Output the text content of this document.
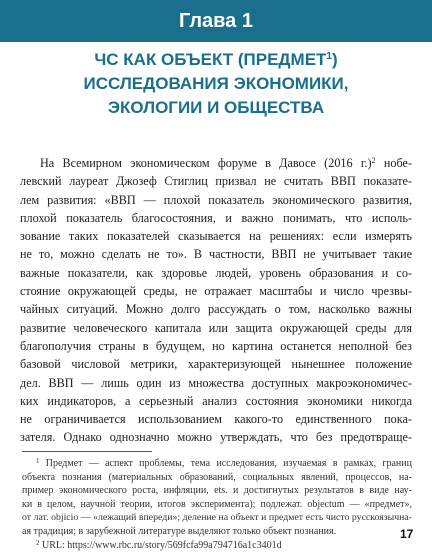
Глава 1
ЧС КАК ОБЪЕКТ (ПРЕДМЕТ$^1$)
ИССЛЕДОВАНИЯ ЭКОНОМИКИ,
ЭКОЛОГИИ И ОБЩЕСТВА
На Всемирном экономическом форуме в Давосе (2016 г.)$^2$ нобе-
левский лауреат Джозеф Стиглиц призвал не считать ВВП показате-
лем развития: «ВВП — плохой показатель экономического развития,
плохой показатель благосостояния, и важно понимать, что исполь-
зование таких показателей сказывается на решениях: если измерять
не то, можно сделать не то». В частности, ВВП не учитывает такие
важные показатели, как здоровье людей, уровень образования и со-
стояние окружающей среды, не отражает масштабы и число чрезвы-
чайных ситуаций. Можно долго рассуждать о том, насколько важны
развитие человеческого капитала или защита окружающей среды для
благополучия страны в будущем, но картина останется неполной без
базовой числовой метрики, характеризующей нынешнее положение
дел. ВВП — лишь один из множества доступных макроэкономичес-
ких индикаторов, а серьезный анализ состояния экономики никогда
не ограничивается использованием какого-то единственного пока-
зателя. Однако однозначно можно утверждать, что без предотвраще-
$^1$ Предмет — аспект проблемы, тема исследования, изучаемая в рамках, границ
объекта познания (материальных образований, социальных явлений, процессов, на-
пример экономического роста, инфляции, ets. и достигнутых результатов в виде нау-
ки в целом, научной теории, итогов эксперимента); подлежат. objectum — «предмет»,
от лат. objicio — «лежащий впереди»; деление на объект и предмет есть чисто русскоязычна-
ая традиция; в зарубежной литературе выделяют только объект познания.
$^2$ URL: https://www.rbc.ru/story/569fcfa99a794716a1c3401d
17
